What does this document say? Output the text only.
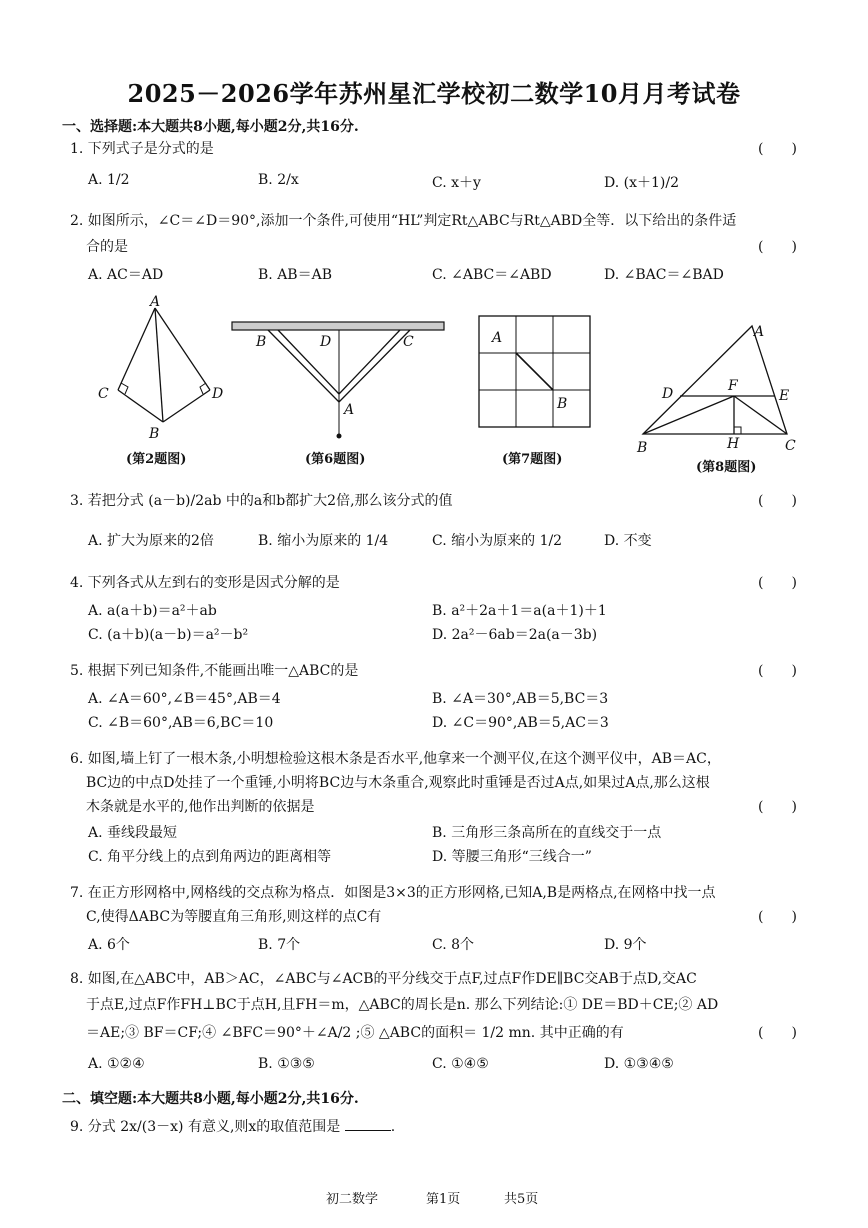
2025－2026学年苏州星汇学校初二数学10月月考试卷
一、选择题:本大题共8小题,每小题2分,共16分.
1. 下列式子是分式的是	(　　)
A. 1/2	B. 2/x	C. x＋y	D. (x＋1)/2
2. 如图所示，∠C＝∠D＝90°,添加一个条件,可使用“HL”判定Rt△ABC与Rt△ABD全等．以下给出的条件适
合的是	(　　)
A. AC＝AD	B. AB＝AB	C. ∠ABC＝∠ABD	D. ∠BAC＝∠BAD
A
C	D
B
B	D	C
A
A
B
A
D	F
E
B	H	C
(第2题图)	(第6题图)	(第7题图)
(第8题图)
3. 若把分式 (a－b)/2ab 中的a和b都扩大2倍,那么该分式的值	(　　)
A. 扩大为原来的2倍	B. 缩小为原来的 1/4	C. 缩小为原来的 1/2	D. 不变
4. 下列各式从左到右的变形是因式分解的是	(　　)
A. a(a＋b)＝a²＋ab	B. a²＋2a＋1＝a(a＋1)＋1
C. (a＋b)(a－b)＝a²－b²	D. 2a²－6ab＝2a(a－3b)
5. 根据下列已知条件,不能画出唯一△ABC的是	(　　)
A. ∠A＝60°,∠B＝45°,AB＝4	B. ∠A＝30°,AB＝5,BC＝3
C. ∠B＝60°,AB＝6,BC＝10	D. ∠C＝90°,AB＝5,AC＝3
6. 如图,墙上钉了一根木条,小明想检验这根木条是否水平,他拿来一个测平仪,在这个测平仪中，AB＝AC，
BC边的中点D处挂了一个重锤,小明将BC边与木条重合,观察此时重锤是否过A点,如果过A点,那么这根
木条就是水平的,他作出判断的依据是	(　　)
A. 垂线段最短	B. 三角形三条高所在的直线交于一点
C. 角平分线上的点到角两边的距离相等	D. 等腰三角形“三线合一”
7. 在正方形网格中,网格线的交点称为格点．如图是3×3的正方形网格,已知A,B是两格点,在网格中找一点
C,使得ΔABC为等腰直角三角形,则这样的点C有	(　　)
A. 6个	B. 7个	C. 8个	D. 9个
8. 如图,在△ABC中，AB＞AC，∠ABC与∠ACB的平分线交于点F,过点F作DE∥BC交AB于点D,交AC
于点E,过点F作FH⊥BC于点H,且FH＝m，△ABC的周长是n. 那么下列结论:① DE＝BD＋CE;② AD
＝AE;③ BF＝CF;④ ∠BFC＝90°＋∠A/2 ;⑤ △ABC的面积＝ 1/2 mn. 其中正确的有	(　　)
A. ①②④	B. ①③⑤	C. ①④⑤	D. ①③④⑤
二、填空题:本大题共8小题,每小题2分,共16分.
9. 分式 2x/(3－x) 有意义,则x的取值范围是	.
初二数学	第1页	共5页
